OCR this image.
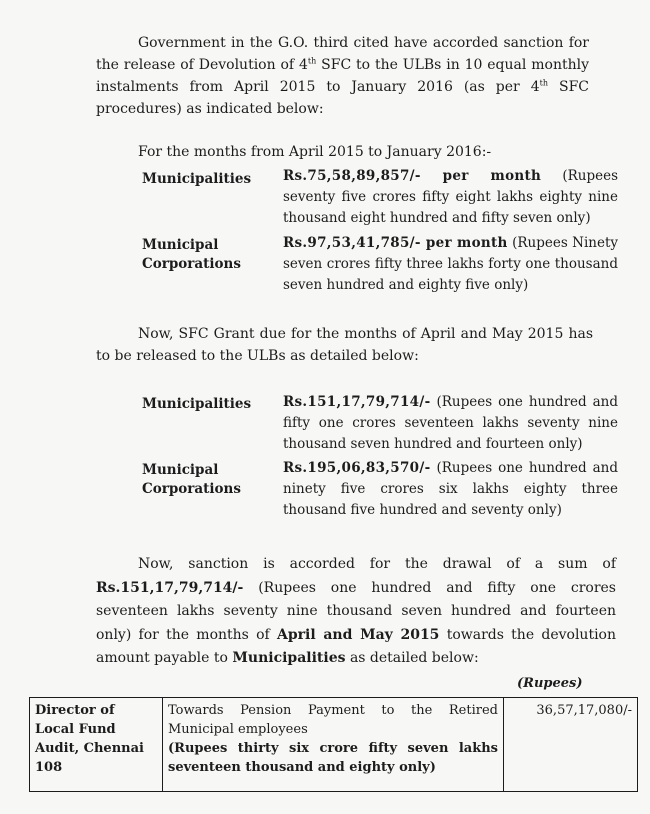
Government in the G.O. third cited have accorded sanction for the release of Devolution of 4th SFC to the ULBs in 10 equal monthly instalments from April 2015 to January 2016 (as per 4th SFC procedures) as indicated below:

For the months from April 2015 to January 2016:-

Municipalities Rs.75,58,89,857/- per month (Rupees seventy five crores fifty eight lakhs eighty nine thousand eight hundred and fifty seven only)

Municipal
Corporations

Rs.97,53,41,785/- per month (Rupees Ninety seven crores fifty three lakhs forty one thousand seven hundred and eighty five only)

Now, SFC Grant due for the months of April and May 2015 has to be released to the ULBs as detailed below:

Municipalities Rs.151,17,79,714/- (Rupees one hundred and fifty one crores seventeen lakhs seventy nine thousand seven hundred and fourteen only)

Municipal
Corporations

Rs.195,06,83,570/- (Rupees one hundred and ninety five crores six lakhs eighty three thousand five hundred and seventy only)

Now, sanction is accorded for the drawal of a sum of Rs.151,17,79,714/- (Rupees one hundred and fifty one crores seventeen lakhs seventy nine thousand seven hundred and fourteen only) for the months of April and May 2015 towards the devolution amount payable to Municipalities as detailed below:

(Rupees)
Director of Local Fund Audit, Chennai 108	
Towards Pension Payment to the Retired Municipal employees
(Rupees thirty six crore fifty seven lakhs seventeen thousand and eighty only)
	36,57,17,080/-
